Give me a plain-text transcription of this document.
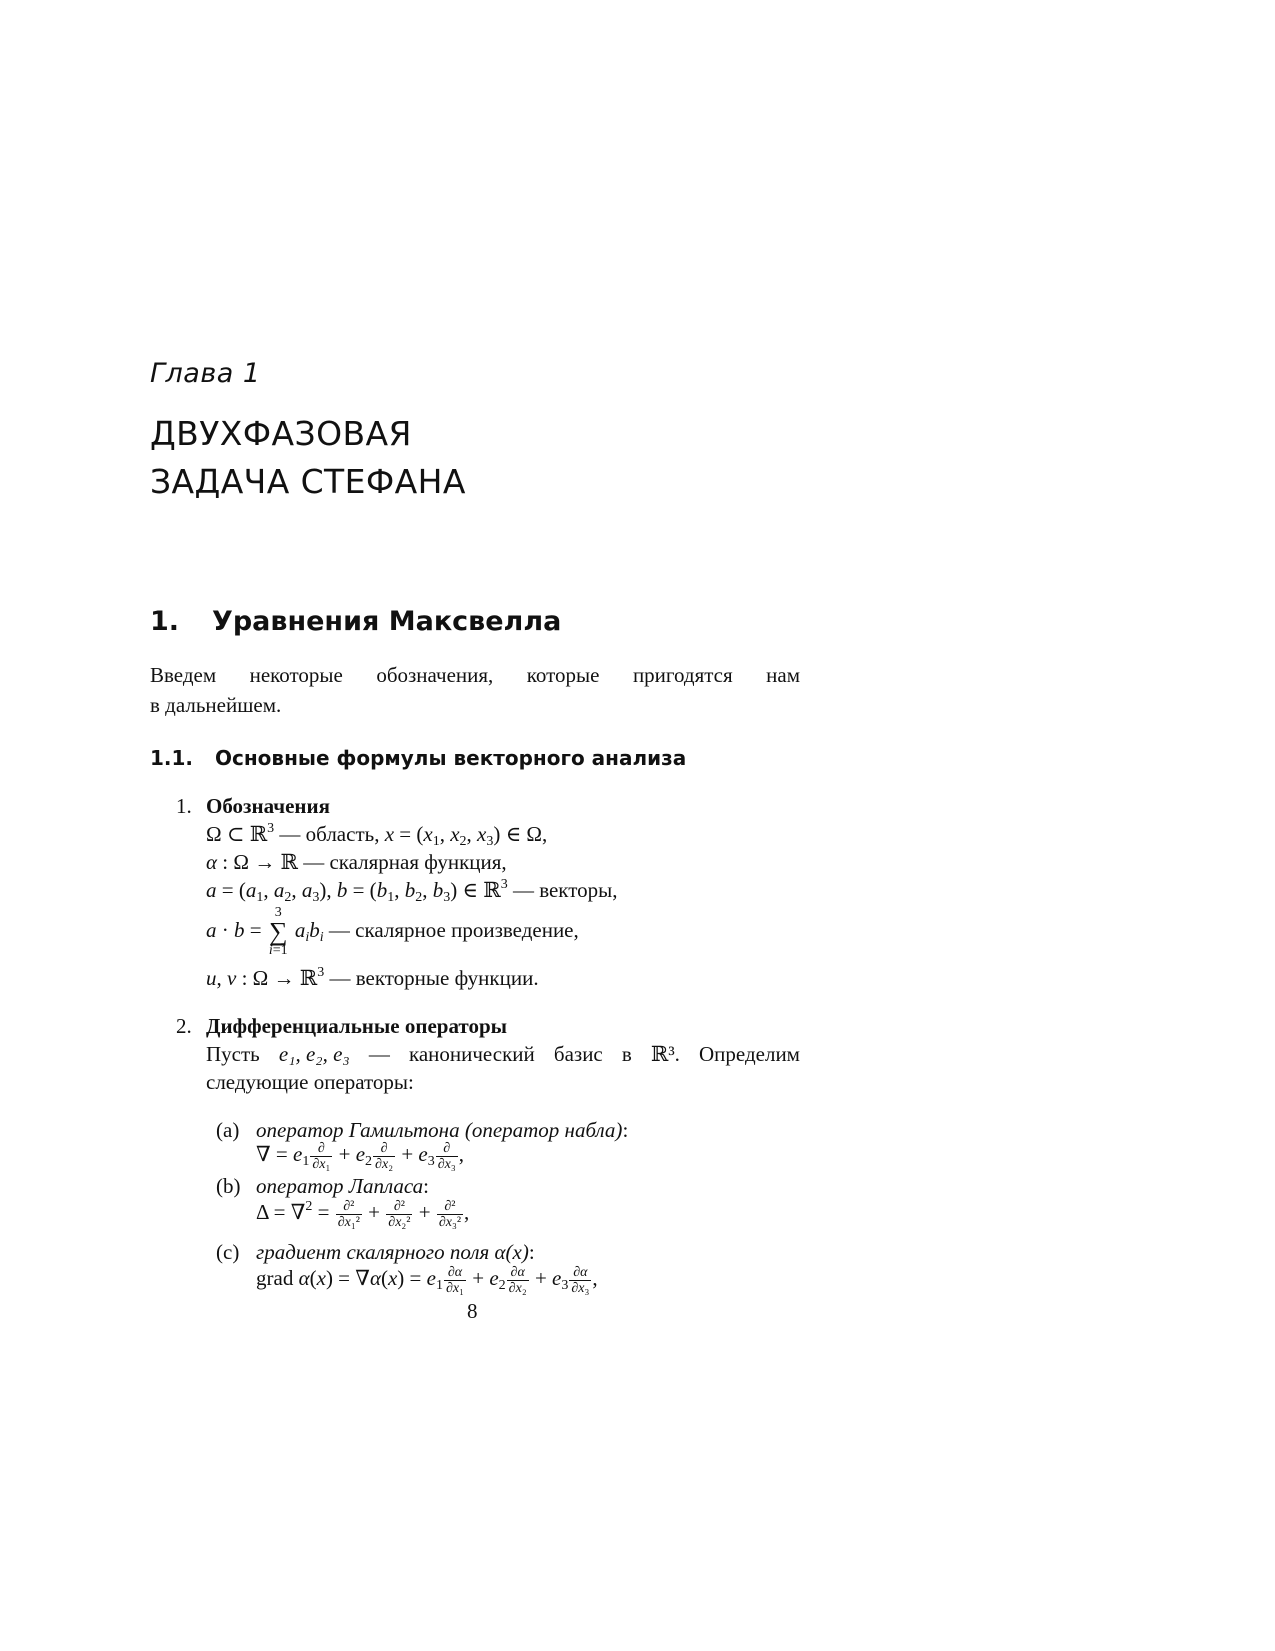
Глава 1
ДВУХФАЗОВАЯ
ЗАДАЧА СТЕФАНА
1. Уравнения Максвелла
Введем некоторые обозначения, которые пригодятся нам
в дальнейшем.
1.1. Основные формулы векторного анализа
1. Обозначения
Ω ⊂ ℝ$^3$ — область, $x = (x_1$, $x_2$, $x_3$) ∈ Ω,
α : Ω → ℝ — скалярная функция,
$a = (a_1$, $a_2$, $a_3$), $b = (b_1$, $b_2$, $b_3$) ∈ ℝ$^3$ — векторы,
a · b =
3
∑
i=1
$a_ib_i$ — скалярное произведение,
u, v : Ω → ℝ$^3$ — векторные функции.
2. Дифференциальные операторы
Пусть e₁, e₂, e₃ — канонический базис в ℝ³. Определим
следующие операторы:
(a) оператор Гамильтона (оператор набла):
∇ = $e_1 \frac{\partial}{\text{∂x₁}} + e_2 \frac{\partial}{\text{∂x₂}} + e_3 \frac{\partial}{\text{∂x₃}}$ ,
(b) оператор Лапласа:
$\Delta = \nabla^2 = \frac{\text{∂²}}{\text{∂x₁²}} + \frac{\text{∂²}}{\text{∂x₂²}} + \frac{\text{∂²}}{\text{∂x₃²}}$ ,
(c) градиент скалярного поля α(x):
grad $\alpha(x) = \nabla\alpha(x) = e_1 \frac{\partial\alpha}{\text{∂x₁}} + e_2 \frac{\partial\alpha}{\text{∂x₂}} + e_3 \frac{\partial\alpha}{\text{∂x₃}}$ ,
8
